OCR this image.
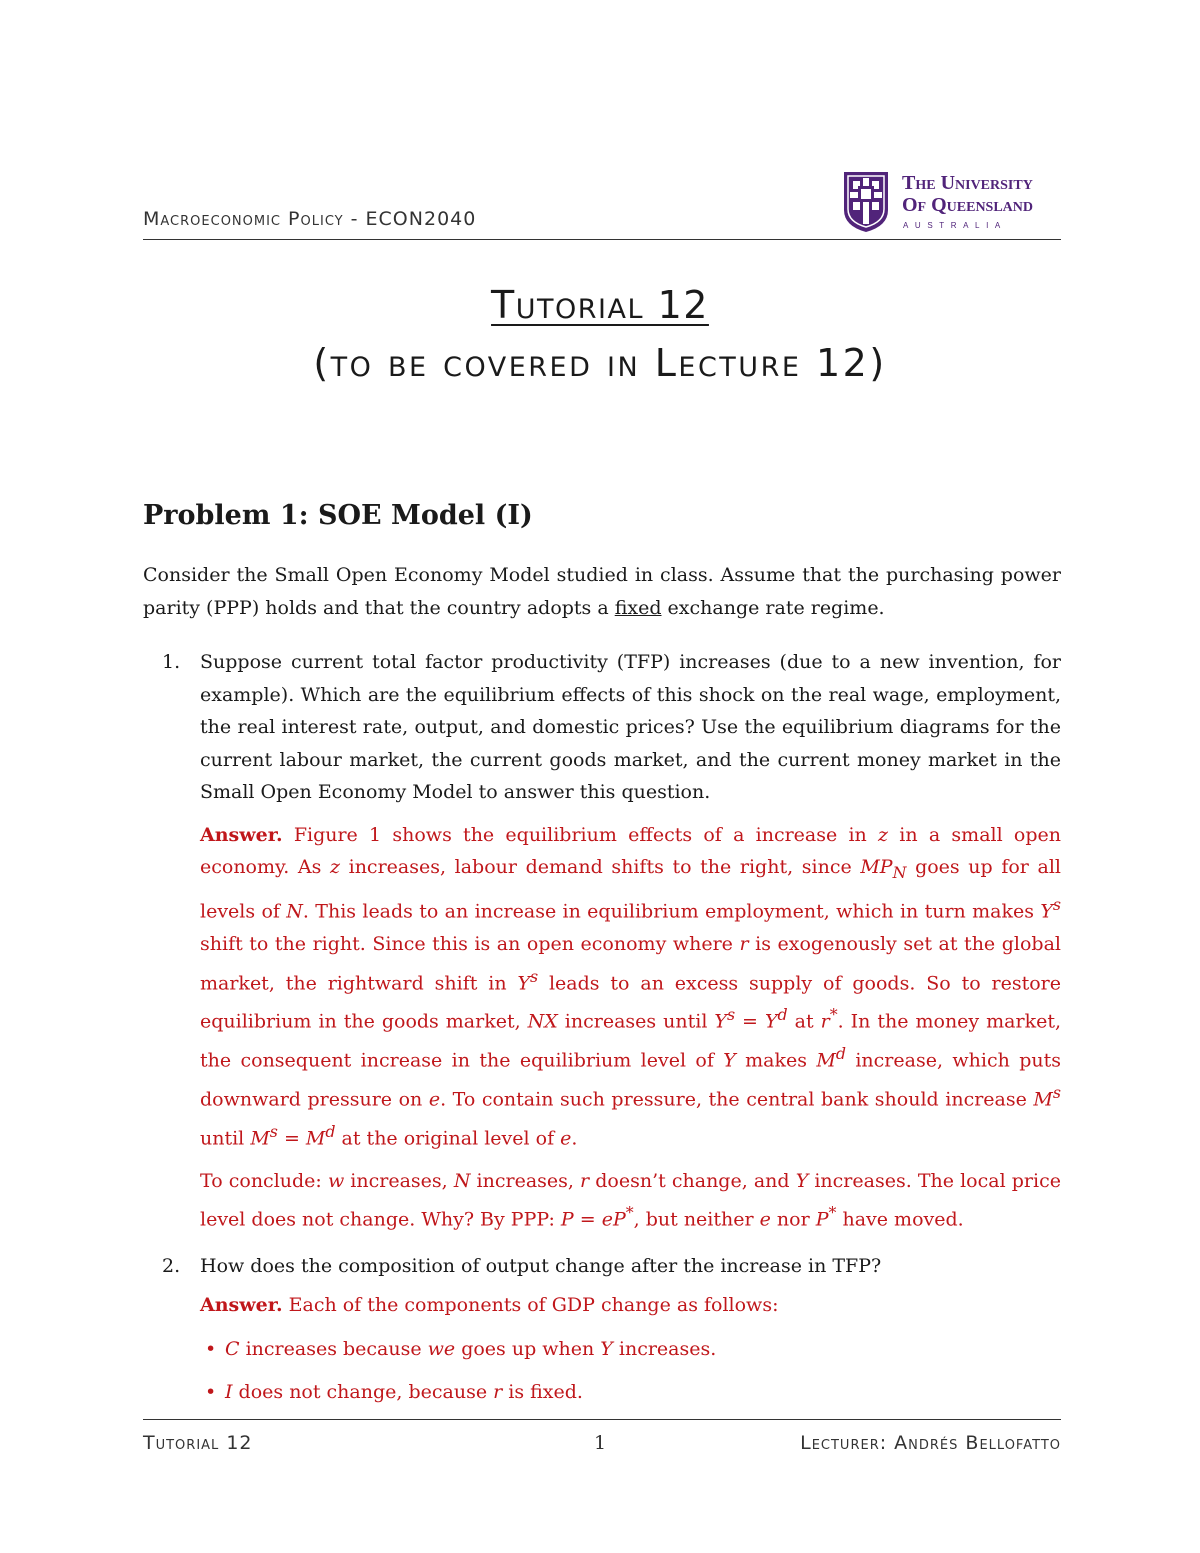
Macroeconomic Policy - ECON2040
The University
Of Queensland
AUSTRALIA
Tutorial 12
(to be covered in Lecture 12)
Problem 1: SOE Model (I)

Consider the Small Open Economy Model studied in class. Assume that the purchasing power parity (PPP) holds and that the country adopts a fixed exchange rate regime.

1. Suppose current total factor productivity (TFP) increases (due to a new invention, for example). Which are the equilibrium effects of this shock on the real wage, employment, the real interest rate, output, and domestic prices? Use the equilibrium diagrams for the current labour market, the current goods market, and the current money market in the Small Open Economy Model to answer this question.

Answer. Figure 1 shows the equilibrium effects of a increase in z in a small open economy. As z increases, labour demand shifts to the right, since $MP_N$ goes up for all levels of N. This leads to an increase in equilibrium employment, which in turn makes $Y^s$ shift to the right. Since this is an open economy where r is exogenously set at the global market, the rightward shift in $Y^s$ leads to an excess supply of goods. So to restore equilibrium in the goods market, NX increases until $Y^s = Y^d$ at r*. In the money market, the consequent increase in the equilibrium level of Y makes $M^d$ increase, which puts downward pressure on e. To contain such pressure, the central bank should increase $M^s$ until $M^s = M^d$ at the original level of e.

To conclude: w increases, N increases, r doesn’t change, and Y increases. The local price level does not change. Why? By PPP: P = eP*, but neither e nor P* have moved.

2. How does the composition of output change after the increase in TFP?

Answer. Each of the components of GDP change as follows:

• C increases because we goes up when Y increases.
• I does not change, because r is fixed.
Tutorial 12	1	Lecturer: Andrés Bellofatto
